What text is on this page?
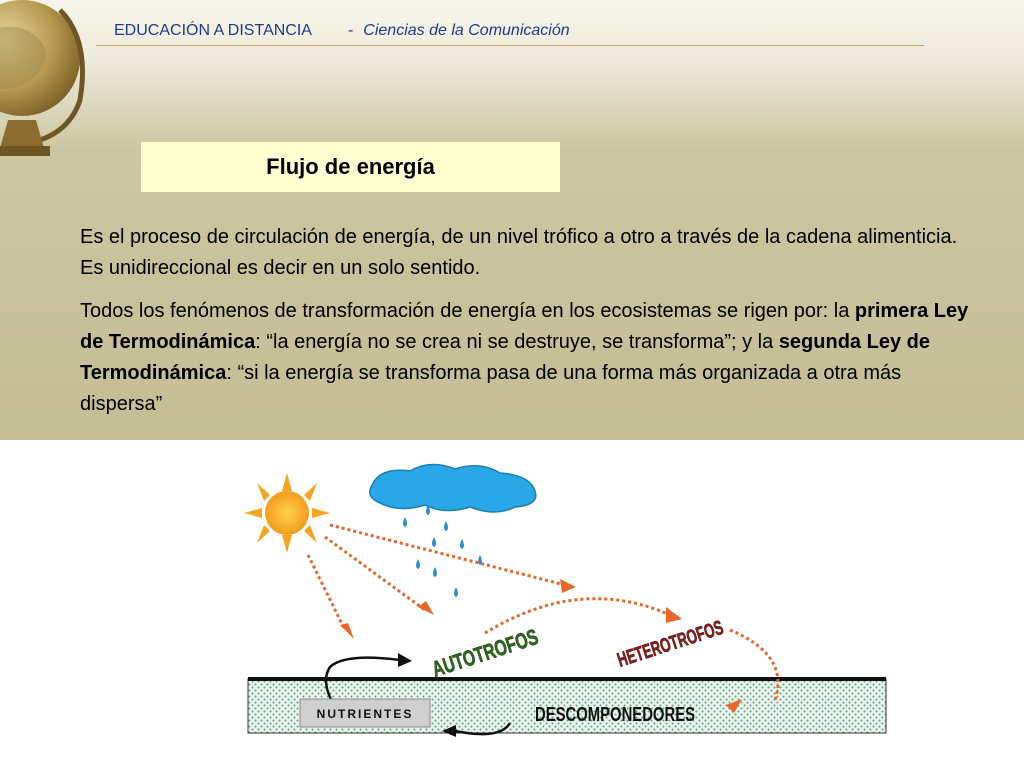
EDUCACIÓN A DISTANCIA - Ciencias de la Comunicación
Flujo de energía

Es el proceso de circulación de energía, de un nivel trófico a otro a través de la cadena alimenticia. Es unidireccional es decir en un solo sentido.

Todos los fenómenos de transformación de energía en los ecosistemas se rigen por: la primera Ley de Termodinámica: “la energía no se crea ni se destruye, se transforma”; y la segunda Ley de Termodinámica: “si la energía se transforma pasa de una forma más organizada a otra más dispersa”

AUTOTROFOS HETEROTROFOS
NUTRIENTES	DESCOMPONEDORES
